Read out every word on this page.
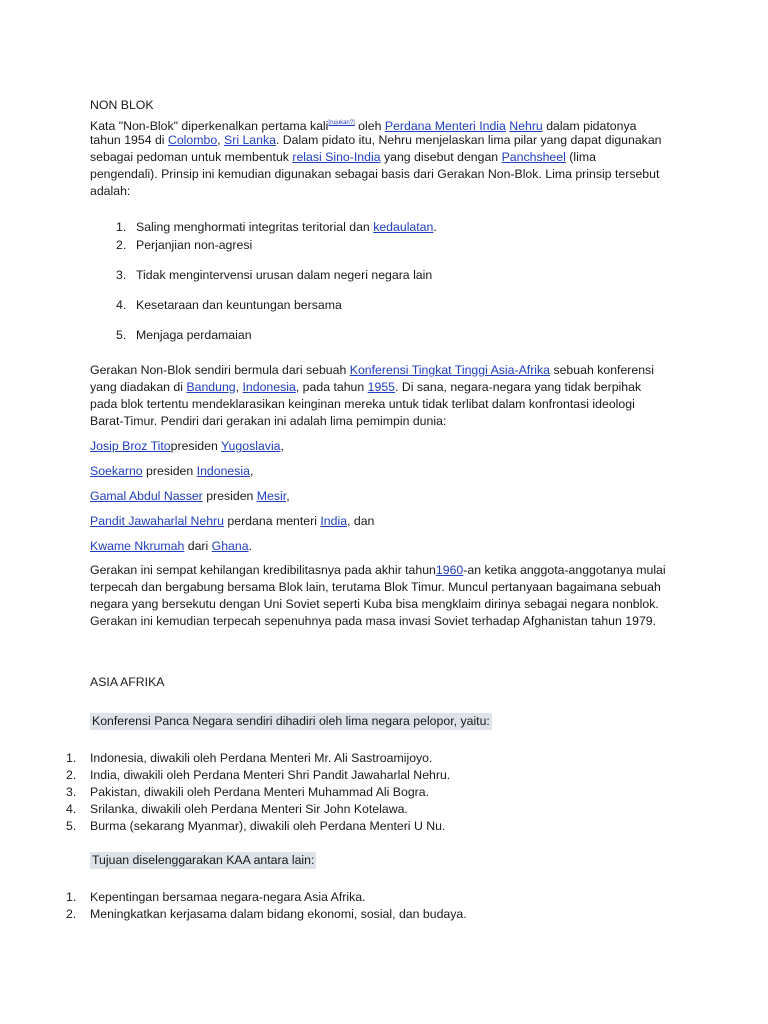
NON BLOK
Kata "Non-Blok" diperkenalkan pertama kali[rujukan?] oleh Perdana Menteri India Nehru dalam pidatonya
tahun 1954 di Colombo, Sri Lanka. Dalam pidato itu, Nehru menjelaskan lima pilar yang dapat digunakan
sebagai pedoman untuk membentuk relasi Sino-India yang disebut dengan Panchsheel (lima
pengendali). Prinsip ini kemudian digunakan sebagai basis dari Gerakan Non-Blok. Lima prinsip tersebut
adalah:
1. Saling menghormati integritas teritorial dan kedaulatan.
2. Perjanjian non-agresi
3. Tidak mengintervensi urusan dalam negeri negara lain
4. Kesetaraan dan keuntungan bersama
5. Menjaga perdamaian
Gerakan Non-Blok sendiri bermula dari sebuah Konferensi Tingkat Tinggi Asia-Afrika sebuah konferensi
yang diadakan di Bandung, Indonesia, pada tahun 1955. Di sana, negara-negara yang tidak berpihak
pada blok tertentu mendeklarasikan keinginan mereka untuk tidak terlibat dalam konfrontasi ideologi
Barat-Timur. Pendiri dari gerakan ini adalah lima pemimpin dunia:
Josip Broz Titopresiden Yugoslavia,
Soekarno presiden Indonesia,
Gamal Abdul Nasser presiden Mesir,
Pandit Jawaharlal Nehru perdana menteri India, dan
Kwame Nkrumah dari Ghana.
Gerakan ini sempat kehilangan kredibilitasnya pada akhir tahun1960-an ketika anggota-anggotanya mulai
terpecah dan bergabung bersama Blok lain, terutama Blok Timur. Muncul pertanyaan bagaimana sebuah
negara yang bersekutu dengan Uni Soviet seperti Kuba bisa mengklaim dirinya sebagai negara nonblok.
Gerakan ini kemudian terpecah sepenuhnya pada masa invasi Soviet terhadap Afghanistan tahun 1979.
ASIA AFRIKA
Konferensi Panca Negara sendiri dihadiri oleh lima negara pelopor, yaitu:
1. Indonesia, diwakili oleh Perdana Menteri Mr. Ali Sastroamijoyo.
2. India, diwakili oleh Perdana Menteri Shri Pandit Jawaharlal Nehru.
3. Pakistan, diwakili oleh Perdana Menteri Muhammad Ali Bogra.
4. Srilanka, diwakili oleh Perdana Menteri Sir John Kotelawa.
5. Burma (sekarang Myanmar), diwakili oleh Perdana Menteri U Nu.
Tujuan diselenggarakan KAA antara lain:
1. Kepentingan bersamaa negara-negara Asia Afrika.
2. Meningkatkan kerjasama dalam bidang ekonomi, sosial, dan budaya.
